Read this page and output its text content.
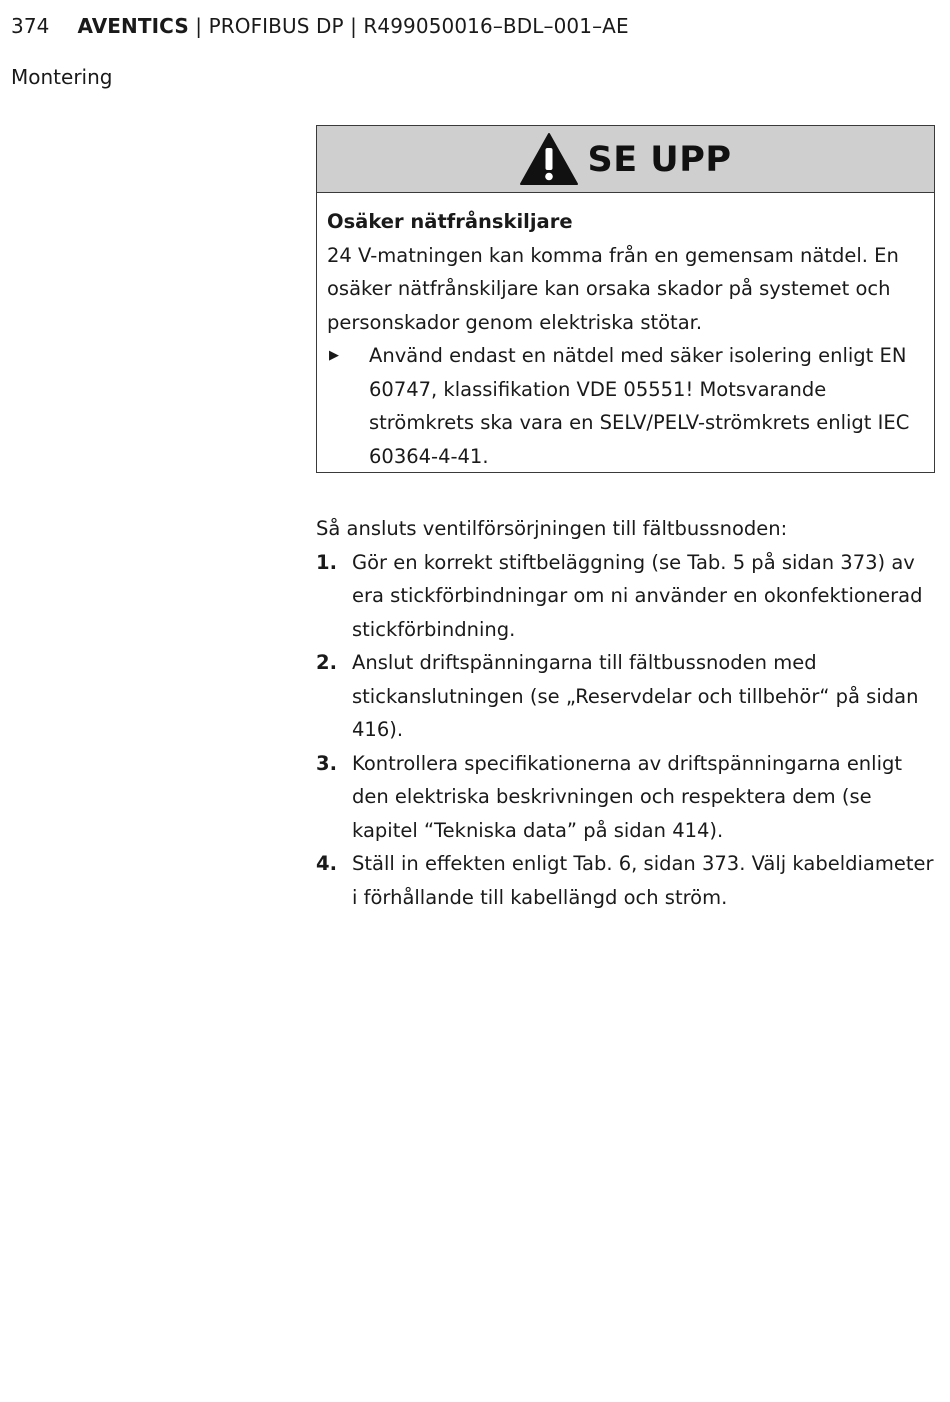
374 AVENTICS | PROFIBUS DP | R499050016–BDL–001–AE
Montering
SE UPP
Osäker nätfrånskiljare

24 V-matningen kan komma från en gemensam nätdel. En osäker nätfrånskiljare kan orsaka skador på systemet och personskador genom elektriska stötar.

▶	Använd endast en nätdel med säker isolering enligt EN 60747, klassifikation VDE 05551! Motsvarande strömkrets ska vara en SELV/PELV-strömkrets enligt IEC 60364-4-41.

Så ansluts ventilförsörjningen till fältbussnoden:

1. Gör en korrekt stiftbeläggning (se Tab. 5 på sidan 373) av era stickförbindningar om ni använder en okonfektionerad stickförbindning.
2. Anslut driftspänningarna till fältbussnoden med stickanslutningen (se „Reservdelar och tillbehör“ på sidan 416).
3. Kontrollera specifikationerna av driftspänningarna enligt den elektriska beskrivningen och respektera dem (se kapitel “Tekniska data” på sidan 414).
4. Ställ in effekten enligt Tab. 6, sidan 373. Välj kabeldiameter i förhållande till kabellängd och ström.
